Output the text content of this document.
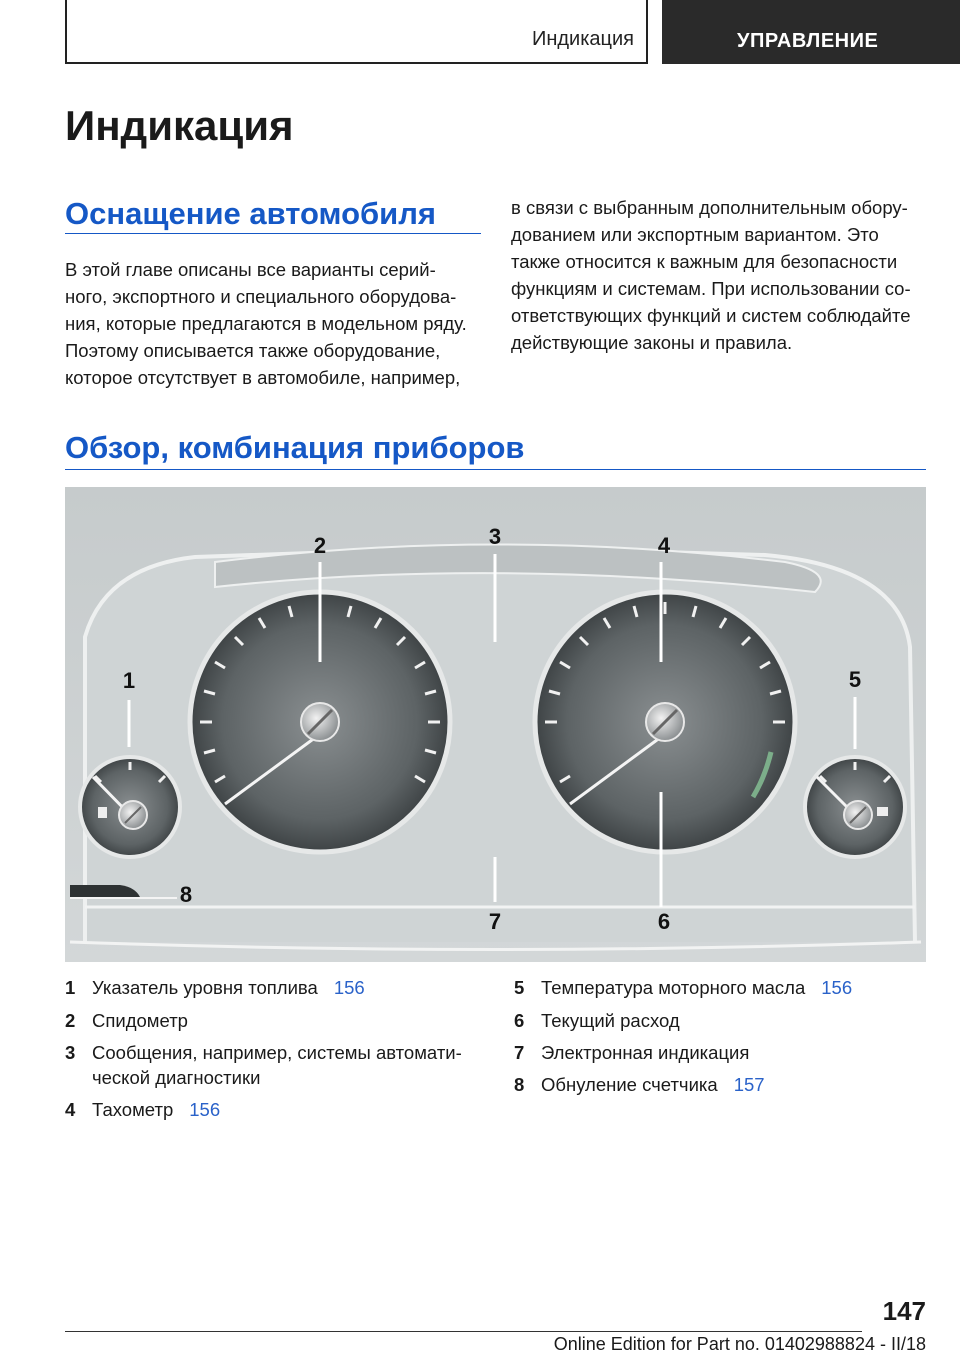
Индикация	УПРАВЛЕНИЕ
Индикация
Оснащение автомобиля
В этой главе описаны все варианты серий-
ного, экспортного и специального оборудова-
ния, которые предлагаются в модельном ряду.
Поэтому описывается также оборудование,
которое отсутствует в автомобиле, например,
в связи с выбранным дополнительным обору-
дованием или экспортным вариантом. Это
также относится к важным для безопасности
функциям и системам. При использовании со-
ответствующих функций и систем соблюдайте
действующие законы и правила.
Обзор, комбинация приборов
1
2	3	4
5
6
7
8
1 Указатель уровня топлива 156
2 Спидометр
3 Сообщения, например, системы автомати-
ческой диагностики
4 Тахометр 156
5 Температура моторного масла 156
6 Текущий расход
7 Электронная индикация
8 Обнуление счетчика 157
147
Online Edition for Part no. 01402988824 - II/18
